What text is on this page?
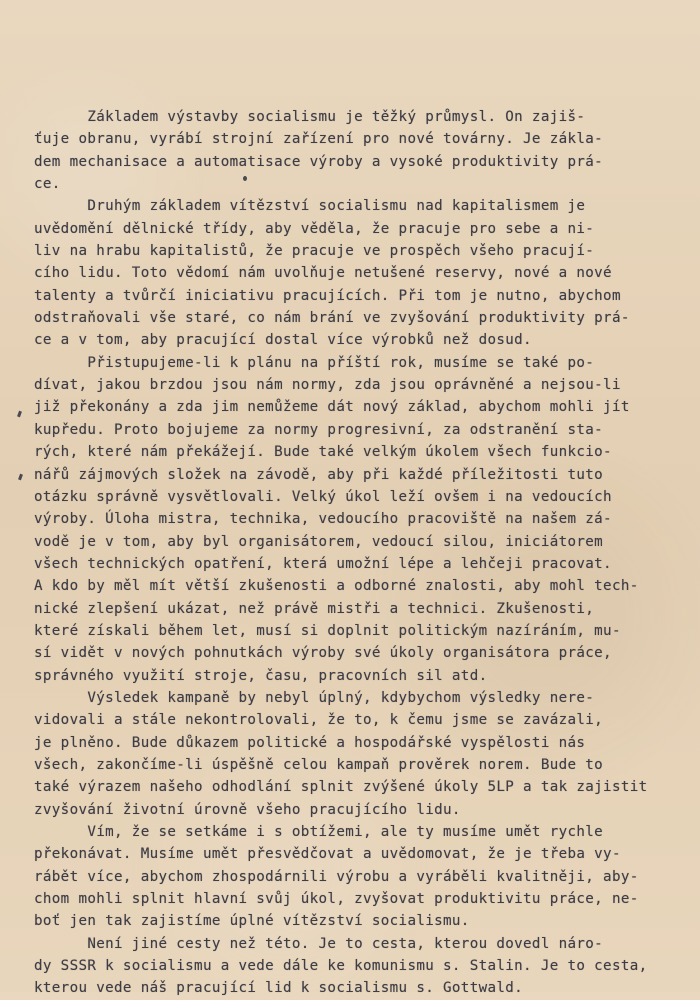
Základem výstavby socialismu je těžký průmysl. On zajiš-
ťuje obranu, vyrábí strojní zařízení pro nové továrny. Je zákla-
dem mechanisace a automatisace výroby a vysoké produktivity prá-
ce.
Druhým základem vítězství socialismu nad kapitalismem je
uvědomění dělnické třídy, aby věděla, že pracuje pro sebe a ni-
liv na hrabu kapitalistů, že pracuje ve prospěch všeho pracují-
cího lidu. Toto vědomí nám uvolňuje netušené reservy, nové a nové
talenty a tvůrčí iniciativu pracujících. Při tom je nutno, abychom
odstraňovali vše staré, co nám brání ve zvyšování produktivity prá-
ce a v tom, aby pracující dostal více výrobků než dosud.
Přistupujeme-li k plánu na příští rok, musíme se také po-
dívat, jakou brzdou jsou nám normy, zda jsou oprávněné a nejsou-li
již překonány a zda jim nemůžeme dát nový základ, abychom mohli jít
kupředu. Proto bojujeme za normy progresivní, za odstranění sta-
rých, které nám překážejí. Bude také velkým úkolem všech funkcio-
nářů zájmových složek na závodě, aby při každé příležitosti tuto
otázku správně vysvětlovali. Velký úkol leží ovšem i na vedoucích
výroby. Úloha mistra, technika, vedoucího pracoviště na našem zá-
vodě je v tom, aby byl organisátorem, vedoucí silou, iniciátorem
všech technických opatření, která umožní lépe a lehčeji pracovat.
A kdo by měl mít větší zkušenosti a odborné znalosti, aby mohl tech-
nické zlepšení ukázat, než právě mistři a technici. Zkušenosti,
které získali během let, musí si doplnit politickým nazíráním, mu-
sí vidět v nových pohnutkách výroby své úkoly organisátora práce,
správného využití stroje, času, pracovních sil atd.
Výsledek kampaně by nebyl úplný, kdybychom výsledky nere-
vidovali a stále nekontrolovali, že to, k čemu jsme se zavázali,
je plněno. Bude důkazem politické a hospodářské vyspělosti nás
všech, zakončíme-li úspěšně celou kampaň prověrek norem. Bude to
také výrazem našeho odhodlání splnit zvýšené úkoly 5LP a tak zajistit
zvyšování životní úrovně všeho pracujícího lidu.
Vím, že se setkáme i s obtížemi, ale ty musíme umět rychle
překonávat. Musíme umět přesvědčovat a uvědomovat, že je třeba vy-
rábět více, abychom zhospodárnili výrobu a vyráběli kvalitněji, aby-
chom mohli splnit hlavní svůj úkol, zvyšovat produktivitu práce, ne-
boť jen tak zajistíme úplné vítězství socialismu.
Není jiné cesty než této. Je to cesta, kterou dovedl náro-
dy SSSR k socialismu a vede dále ke komunismu s. Stalin. Je to cesta,
kterou vede náš pracující lid k socialismu s. Gottwald.
